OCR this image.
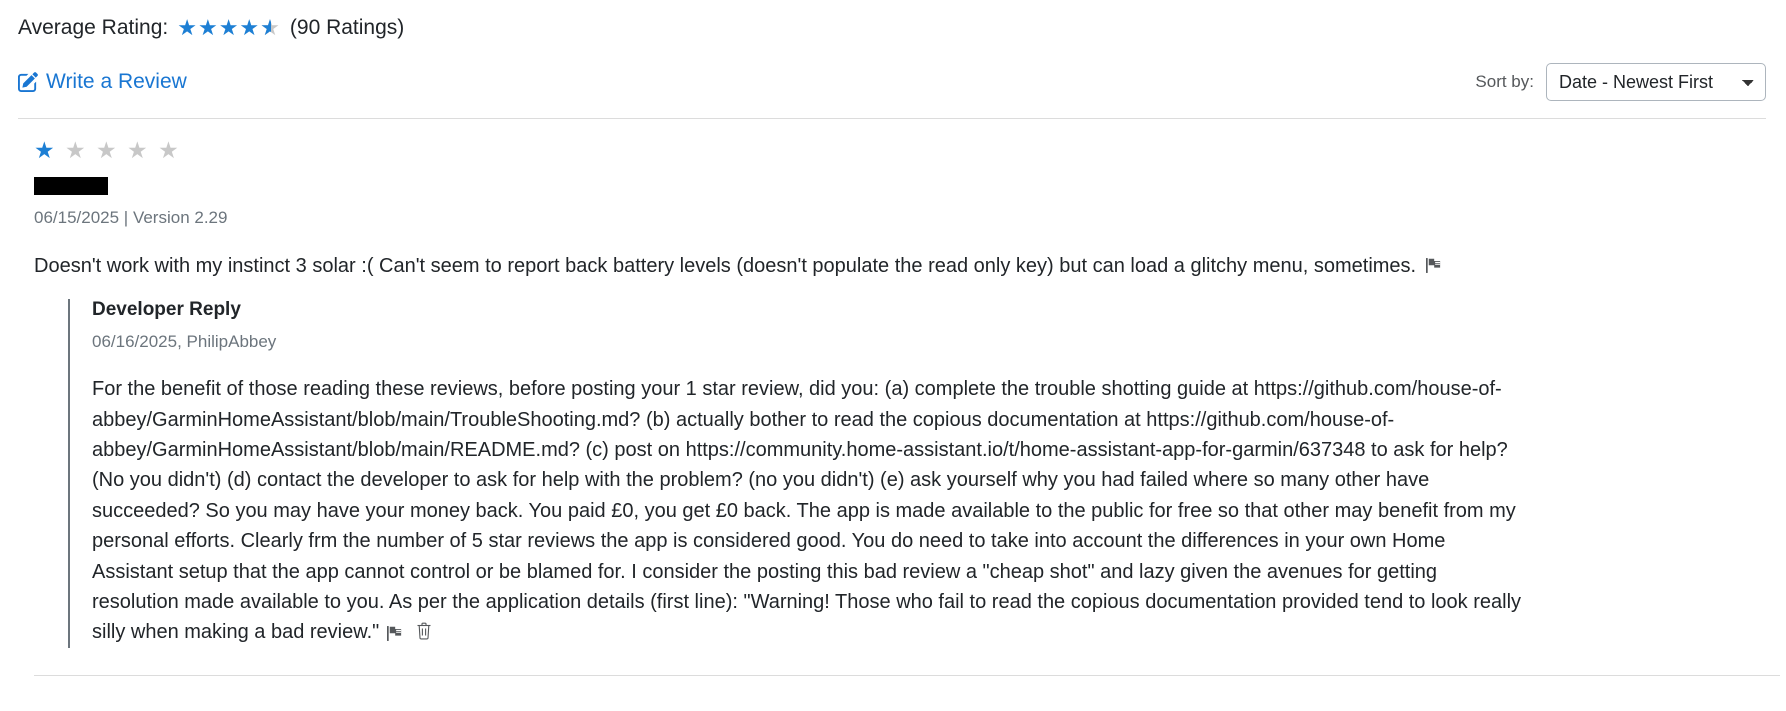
Average Rating: ★ ★ ★ ★ ★ ★ (90 Ratings)
Write a Review	Sort by:
Date - Newest First
★ ★ ★ ★ ★
06/15/2025 | Version 2.29
Doesn't work with my instinct 3 solar :( Can't seem to report back battery levels (doesn't populate the read only key) but can load a glitchy menu, sometimes.
Developer Reply
06/16/2025, PhilipAbbey
For the benefit of those reading these reviews, before posting your 1 star review, did you: (a) complete the trouble shotting guide at https://github.com/house-of-abbey/GarminHomeAssistant/blob/main/TroubleShooting.md? (b) actually bother to read the copious documentation at https://github.com/house-of-abbey/GarminHomeAssistant/blob/main/README.md? (c) post on https://community.home-assistant.io/t/home-assistant-app-for-garmin/637348 to ask for help? (No you didn't) (d) contact the developer to ask for help with the problem? (no you didn't) (e) ask yourself why you had failed where so many other have succeeded? So you may have your money back. You paid £0, you get £0 back. The app is made available to the public for free so that other may benefit from my personal efforts. Clearly frm the number of 5 star reviews the app is considered good. You do need to take into account the differences in your own Home Assistant setup that the app cannot control or be blamed for. I consider the posting this bad review a "cheap shot" and lazy given the avenues for getting resolution made available to you. As per the application details (first line): "Warning! Those who fail to read the copious documentation provided tend to look really silly when making a bad review."
